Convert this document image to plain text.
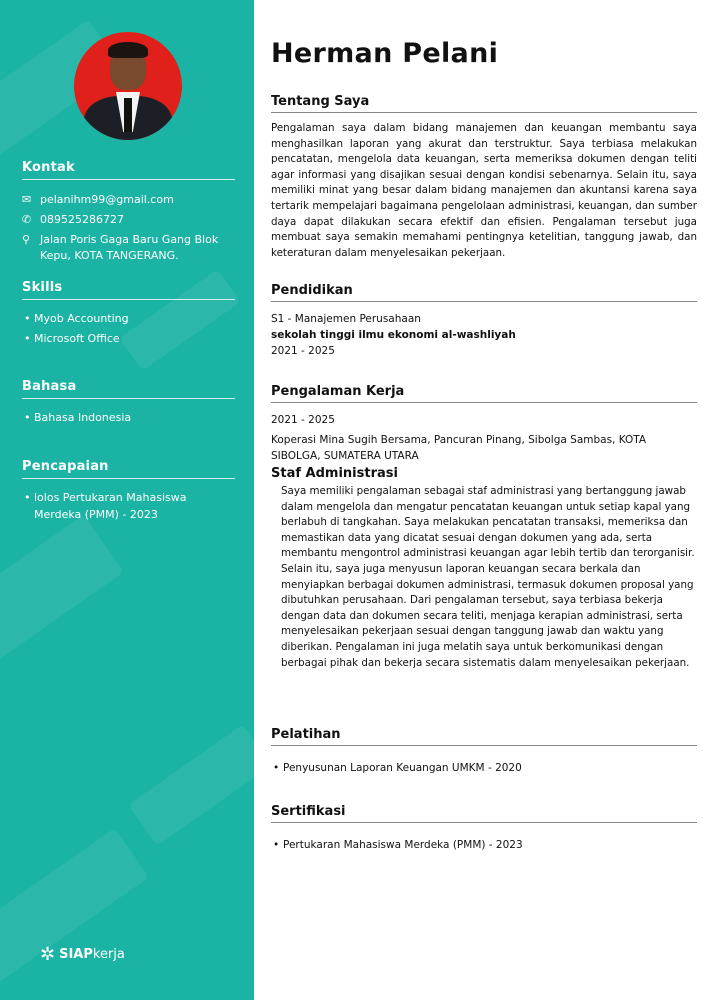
Kontak
✉ pelanihm99@gmail.com
✆ 089525286727
⚲ Jalan Poris Gaga Baru Gang Blok Kepu, KOTA TANGERANG.
Skills
• Myob Accounting
• Microsoft Office
Bahasa
• Bahasa Indonesia
Pencapaian
• lolos Pertukaran Mahasiswa Merdeka (PMM) - 2023
✲ SIAPkerja
Herman Pelani
Tentang Saya

Pengalaman saya dalam bidang manajemen dan keuangan membantu saya menghasilkan laporan yang akurat dan terstruktur. Saya terbiasa melakukan pencatatan, mengelola data keuangan, serta memeriksa dokumen dengan teliti agar informasi yang disajikan sesuai dengan kondisi sebenarnya. Selain itu, saya memiliki minat yang besar dalam bidang manajemen dan akuntansi karena saya tertarik mempelajari bagaimana pengelolaan administrasi, keuangan, dan sumber daya dapat dilakukan secara efektif dan efisien. Pengalaman tersebut juga membuat saya semakin memahami pentingnya ketelitian, tanggung jawab, dan keteraturan dalam menyelesaikan pekerjaan.

Pendidikan
S1 - Manajemen Perusahaan
sekolah tinggi ilmu ekonomi al-washliyah
2021 - 2025
Pengalaman Kerja
2021 - 2025
Koperasi Mina Sugih Bersama, Pancuran Pinang, Sibolga Sambas, KOTA SIBOLGA, SUMATERA UTARA
Staf Administrasi

Saya memiliki pengalaman sebagai staf administrasi yang bertanggung jawab dalam mengelola dan mengatur pencatatan keuangan untuk setiap kapal yang berlabuh di tangkahan. Saya melakukan pencatatan transaksi, memeriksa dan memastikan data yang dicatat sesuai dengan dokumen yang ada, serta membantu mengontrol administrasi keuangan agar lebih tertib dan terorganisir. Selain itu, saya juga menyusun laporan keuangan secara berkala dan menyiapkan berbagai dokumen administrasi, termasuk dokumen proposal yang dibutuhkan perusahaan. Dari pengalaman tersebut, saya terbiasa bekerja dengan data dan dokumen secara teliti, menjaga kerapian administrasi, serta menyelesaikan pekerjaan sesuai dengan tanggung jawab dan waktu yang diberikan. Pengalaman ini juga melatih saya untuk berkomunikasi dengan berbagai pihak dan bekerja secara sistematis dalam menyelesaikan pekerjaan.

Pelatihan
• Penyusunan Laporan Keuangan UMKM - 2020
Sertifikasi
• Pertukaran Mahasiswa Merdeka (PMM) - 2023
